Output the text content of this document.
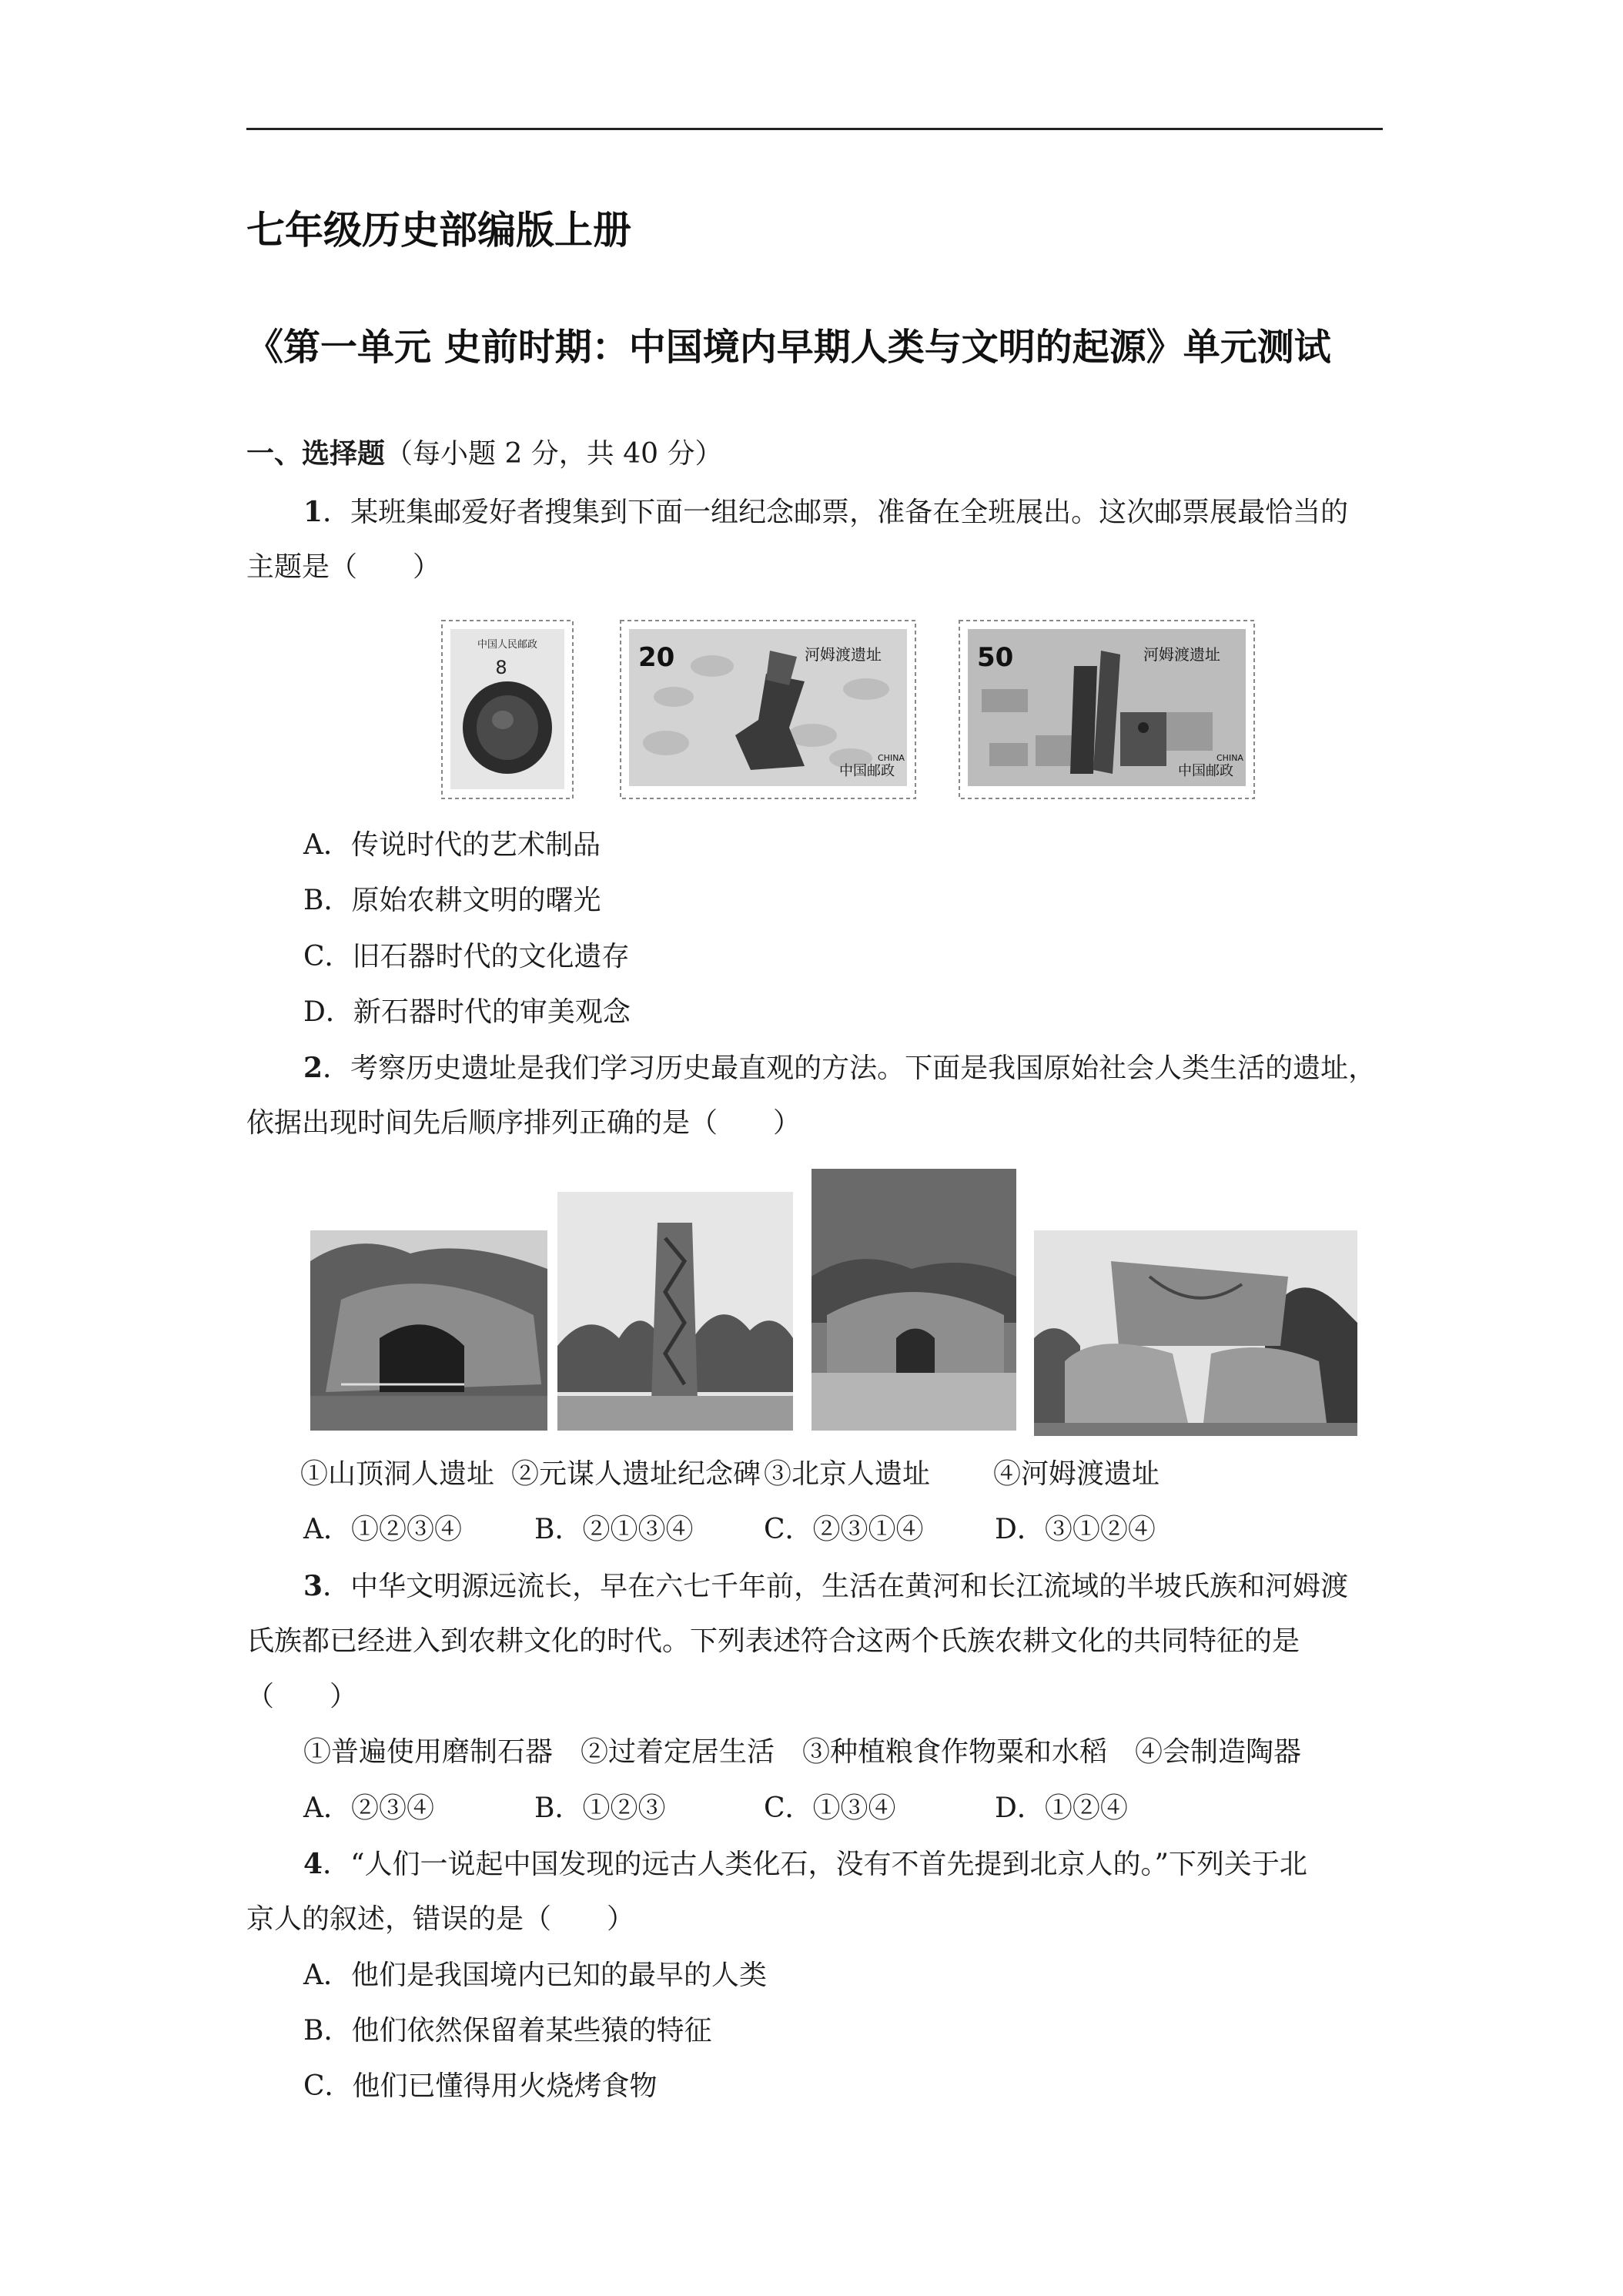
七年级历史部编版上册
《第一单元 史前时期：中国境内早期人类与文明的起源》单元测试
一、选择题（每小题 2 分，共 40 分）
1．某班集邮爱好者搜集到下面一组纪念邮票，准备在全班展出。这次邮票展最恰当的
主题是（　　）
中国人民邮政
8	20	河姆渡遗址
CHINA
中国邮政
50	河姆渡遗址
CHINA
中国邮政
A．传说时代的艺术制品
B．原始农耕文明的曙光
C．旧石器时代的文化遗存
D．新石器时代的审美观念
2．考察历史遗址是我们学习历史最直观的方法。下面是我国原始社会人类生活的遗址，
依据出现时间先后顺序排列正确的是（　　）
①山顶洞人遗址 ②元谋人遗址纪念碑 ③北京人遗址 ④河姆渡遗址
A．①②③④	B．②①③④	C．②③①④	D．③①②④
3．中华文明源远流长，早在六七千年前，生活在黄河和长江流域的半坡氏族和河姆渡
氏族都已经进入到农耕文化的时代。下列表述符合这两个氏族农耕文化的共同特征的是
（　　）
①普遍使用磨制石器　②过着定居生活　③种植粮食作物粟和水稻　④会制造陶器
A．②③④	B．①②③	C．①③④	D．①②④
4．“人们一说起中国发现的远古人类化石，没有不首先提到北京人的。”下列关于北
京人的叙述，错误的是（　　）
A．他们是我国境内已知的最早的人类
B．他们依然保留着某些猿的特征
C．他们已懂得用火烧烤食物
